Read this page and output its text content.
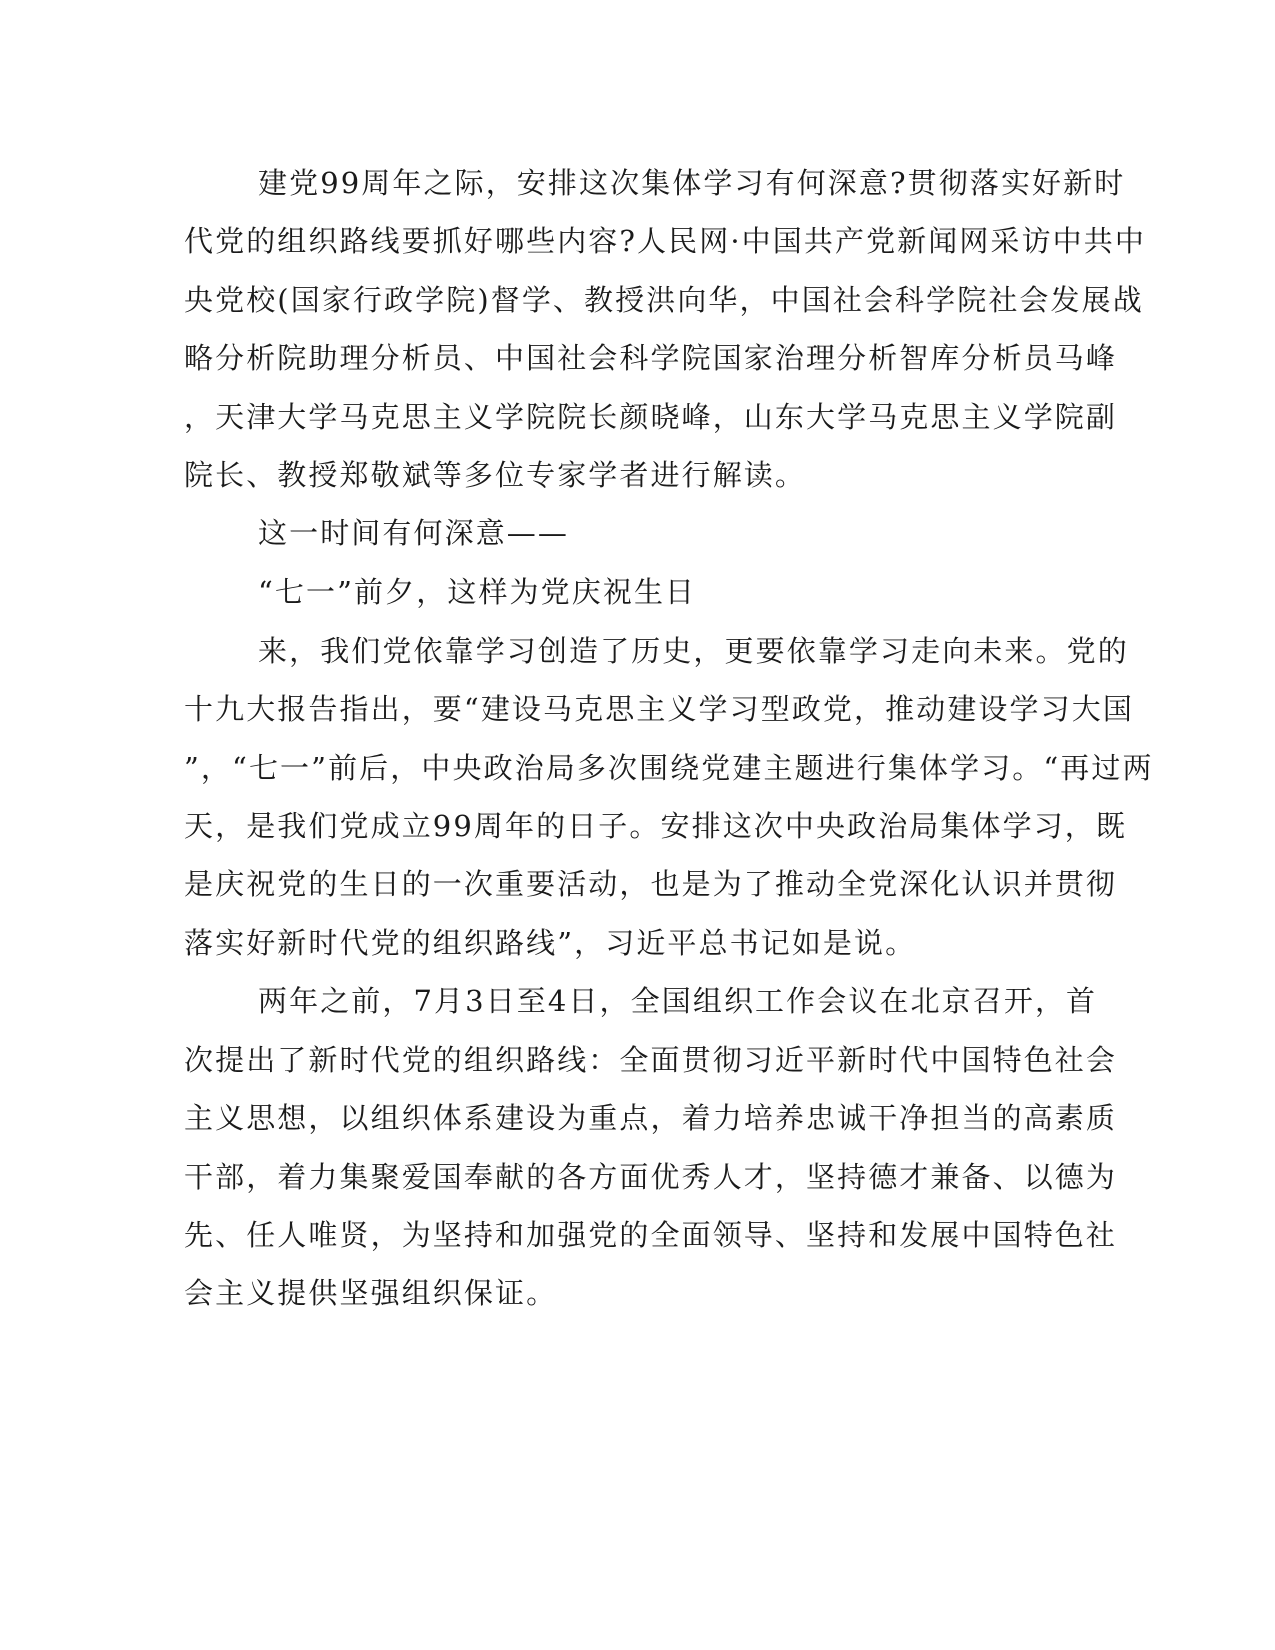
建党99周年之际，安排这次集体学习有何深意?贯彻落实好新时
代党的组织路线要抓好哪些内容?人民网·中国共产党新闻网采访中共中
央党校(国家行政学院)督学、教授洪向华，中国社会科学院社会发展战
略分析院助理分析员、中国社会科学院国家治理分析智库分析员马峰
，天津大学马克思主义学院院长颜晓峰，山东大学马克思主义学院副
院长、教授郑敬斌等多位专家学者进行解读。
这一时间有何深意——
“七一”前夕，这样为党庆祝生日
来，我们党依靠学习创造了历史，更要依靠学习走向未来。党的
十九大报告指出，要“建设马克思主义学习型政党，推动建设学习大国
”，“七一”前后，中央政治局多次围绕党建主题进行集体学习。“再过两
天，是我们党成立99周年的日子。安排这次中央政治局集体学习，既
是庆祝党的生日的一次重要活动，也是为了推动全党深化认识并贯彻
落实好新时代党的组织路线”，习近平总书记如是说。
两年之前，7月3日至4日，全国组织工作会议在北京召开，首
次提出了新时代党的组织路线：全面贯彻习近平新时代中国特色社会
主义思想，以组织体系建设为重点，着力培养忠诚干净担当的高素质
干部，着力集聚爱国奉献的各方面优秀人才，坚持德才兼备、以德为
先、任人唯贤，为坚持和加强党的全面领导、坚持和发展中国特色社
会主义提供坚强组织保证。
